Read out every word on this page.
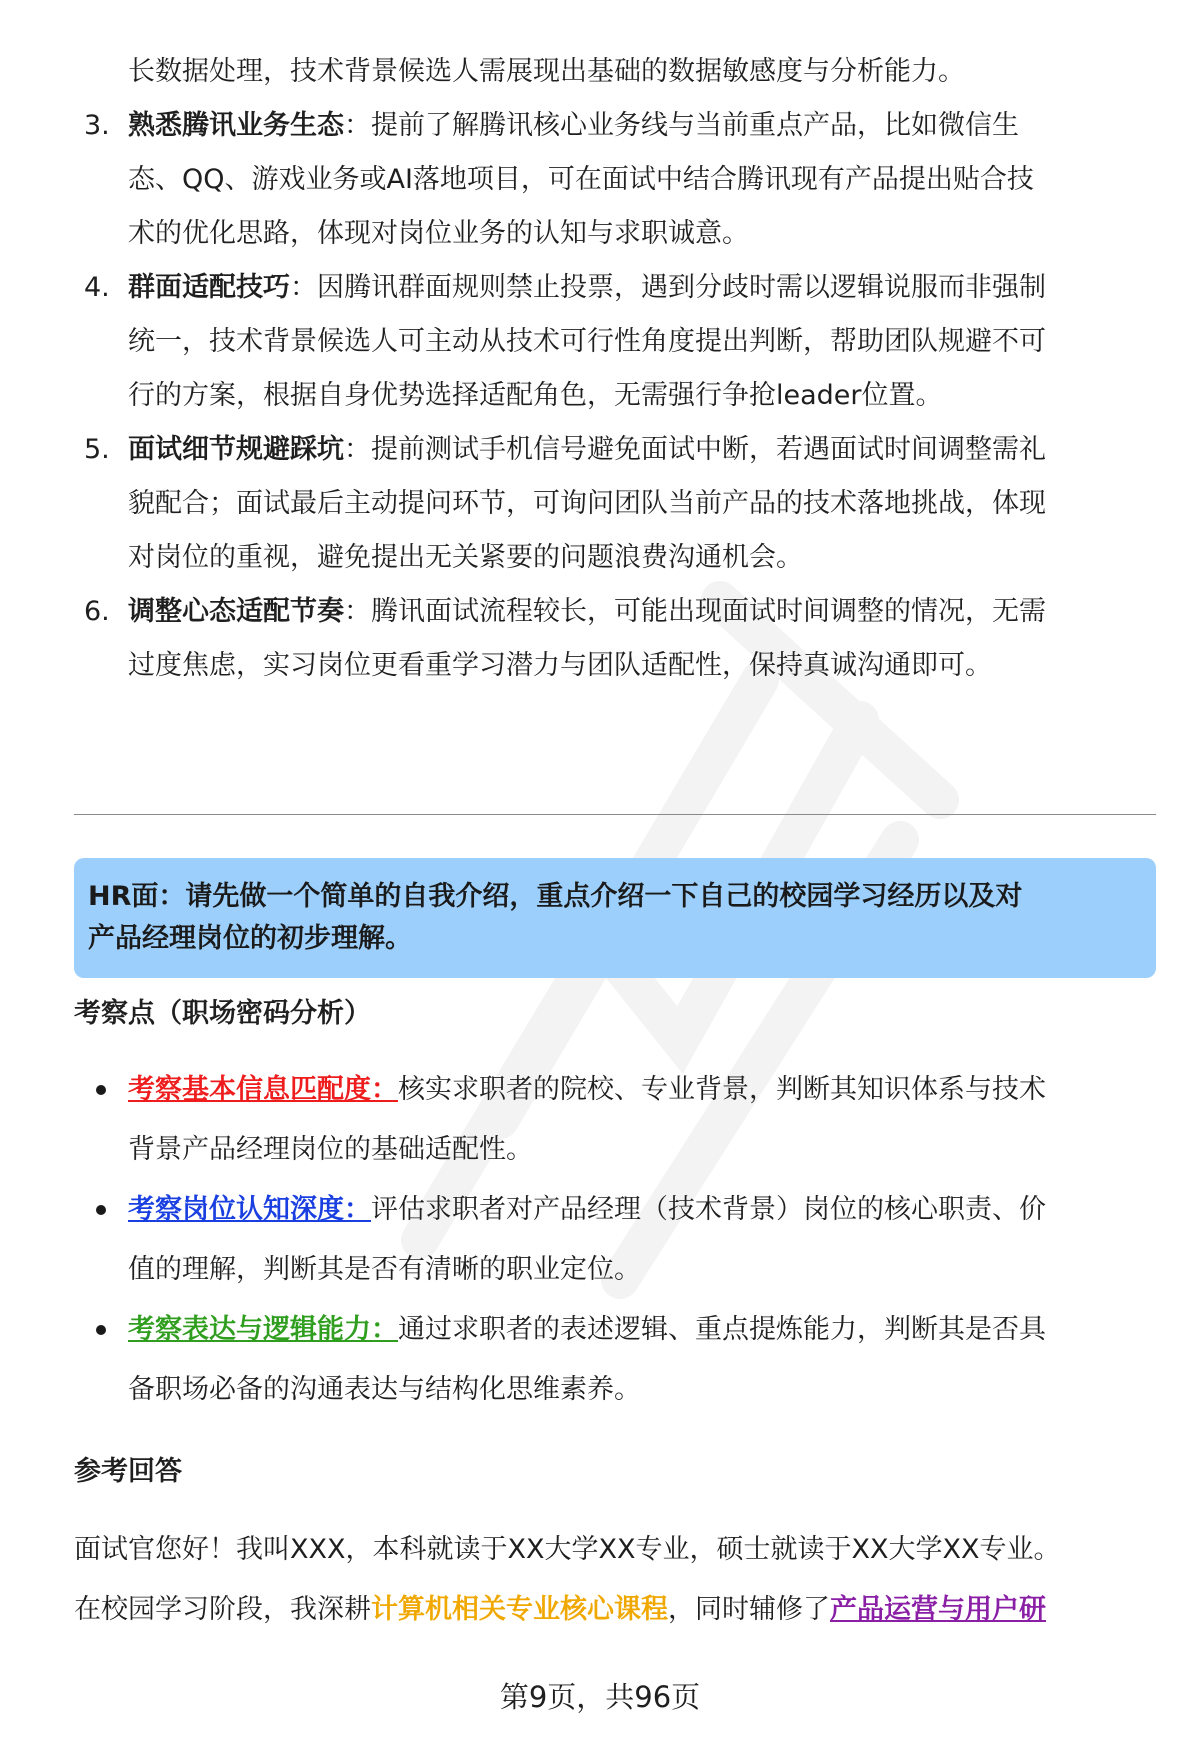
长数据处理，技术背景候选人需展现出基础的数据敏感度与分析能力。
3. 熟悉腾讯业务生态：提前了解腾讯核心业务线与当前重点产品，比如微信生
态、QQ、游戏业务或AI落地项目，可在面试中结合腾讯现有产品提出贴合技
术的优化思路，体现对岗位业务的认知与求职诚意。
4. 群面适配技巧：因腾讯群面规则禁止投票，遇到分歧时需以逻辑说服而非强制
统一，技术背景候选人可主动从技术可行性角度提出判断，帮助团队规避不可
行的方案，根据自身优势选择适配角色，无需强行争抢leader位置。
5. 面试细节规避踩坑：提前测试手机信号避免面试中断，若遇面试时间调整需礼
貌配合；面试最后主动提问环节，可询问团队当前产品的技术落地挑战，体现
对岗位的重视，避免提出无关紧要的问题浪费沟通机会。
6. 调整心态适配节奏：腾讯面试流程较长，可能出现面试时间调整的情况，无需
过度焦虑，实习岗位更看重学习潜力与团队适配性，保持真诚沟通即可。
HR面：请先做一个简单的自我介绍，重点介绍一下自己的校园学习经历以及对
产品经理岗位的初步理解。
考察点（职场密码分析）
考察基本信息匹配度：核实求职者的院校、专业背景，判断其知识体系与技术
背景产品经理岗位的基础适配性。
考察岗位认知深度：评估求职者对产品经理（技术背景）岗位的核心职责、价
值的理解，判断其是否有清晰的职业定位。
考察表达与逻辑能力：通过求职者的表述逻辑、重点提炼能力，判断其是否具
备职场必备的沟通表达与结构化思维素养。
参考回答
面试官您好！我叫XXX，本科就读于XX大学XX专业，硕士就读于XX大学XX专业。
在校园学习阶段，我深耕计算机相关专业核心课程，同时辅修了产品运营与用户研
第9页，共96页
